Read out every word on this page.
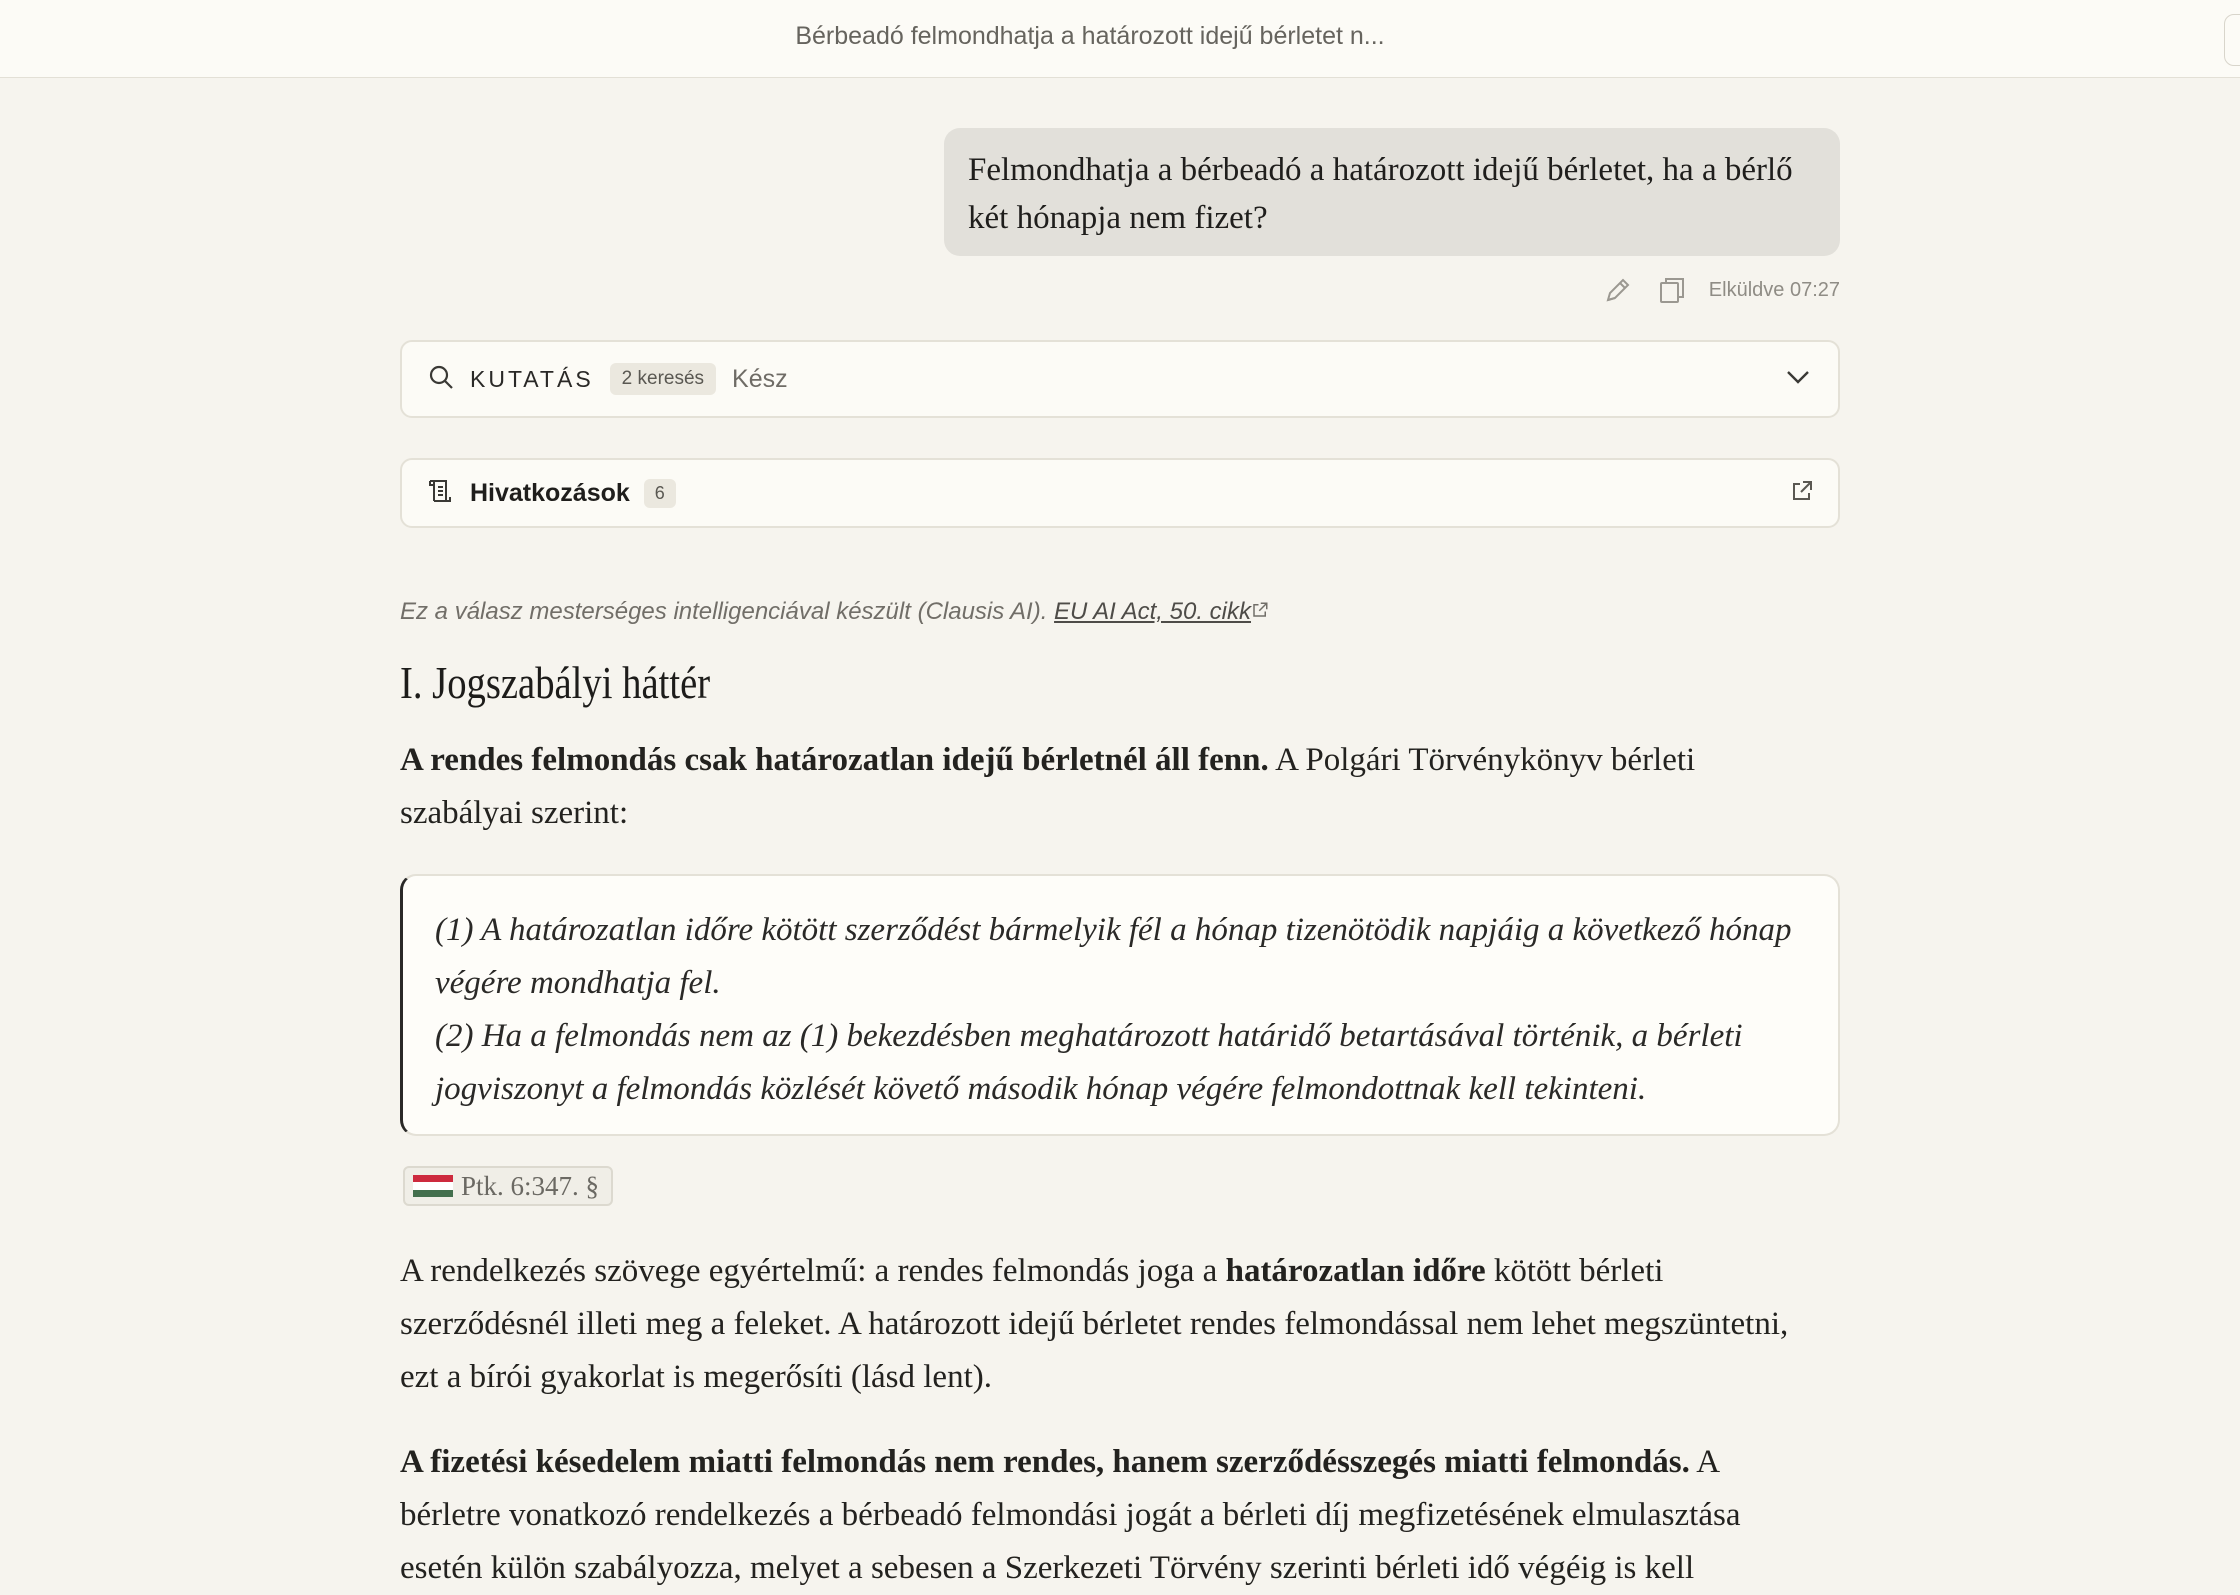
Bérbeadó felmondhatja a határozott idejű bérletet n...
Felmondhatja a bérbeadó a határozott idejű bérletet, ha a bérlő két hónapja nem fizet?
Elküldve 07:27
KUTATÁS	2 keresés	Kész
Hivatkozások	6
Ez a válasz mesterséges intelligenciával készült (Clausis AI). EU AI Act, 50. cikk
I. Jogszabályi háttér
A rendes felmondás csak határozatlan idejű bérletnél áll fenn. A Polgári Törvénykönyv bérleti szabályai szerint:
(1) A határozatlan időre kötött szerződést bármelyik fél a hónap tizenötödik napjáig a következő hónap végére mondhatja fel.
(2) Ha a felmondás nem az (1) bekezdésben meghatározott határidő betartásával történik, a bérleti jogviszonyt a felmondás közlését követő második hónap végére felmondottnak kell tekinteni.
Ptk. 6:347. §
A rendelkezés szövege egyértelmű: a rendes felmondás joga a határozatlan időre kötött bérleti szerződésnél illeti meg a feleket. A határozott idejű bérletet rendes felmondással nem lehet megszüntetni, ezt a bírói gyakorlat is megerősíti (lásd lent).
A fizetési késedelem miatti felmondás nem rendes, hanem szerződésszegés miatti felmondás. A bérletre vonatkozó rendelkezés a bérbeadó felmondási jogát a bérleti díj megfizetésének elmulasztása esetén külön szabályozza, melyet a sebesen a Szerkezeti Törvény szerinti bérleti idő végéig is kell
